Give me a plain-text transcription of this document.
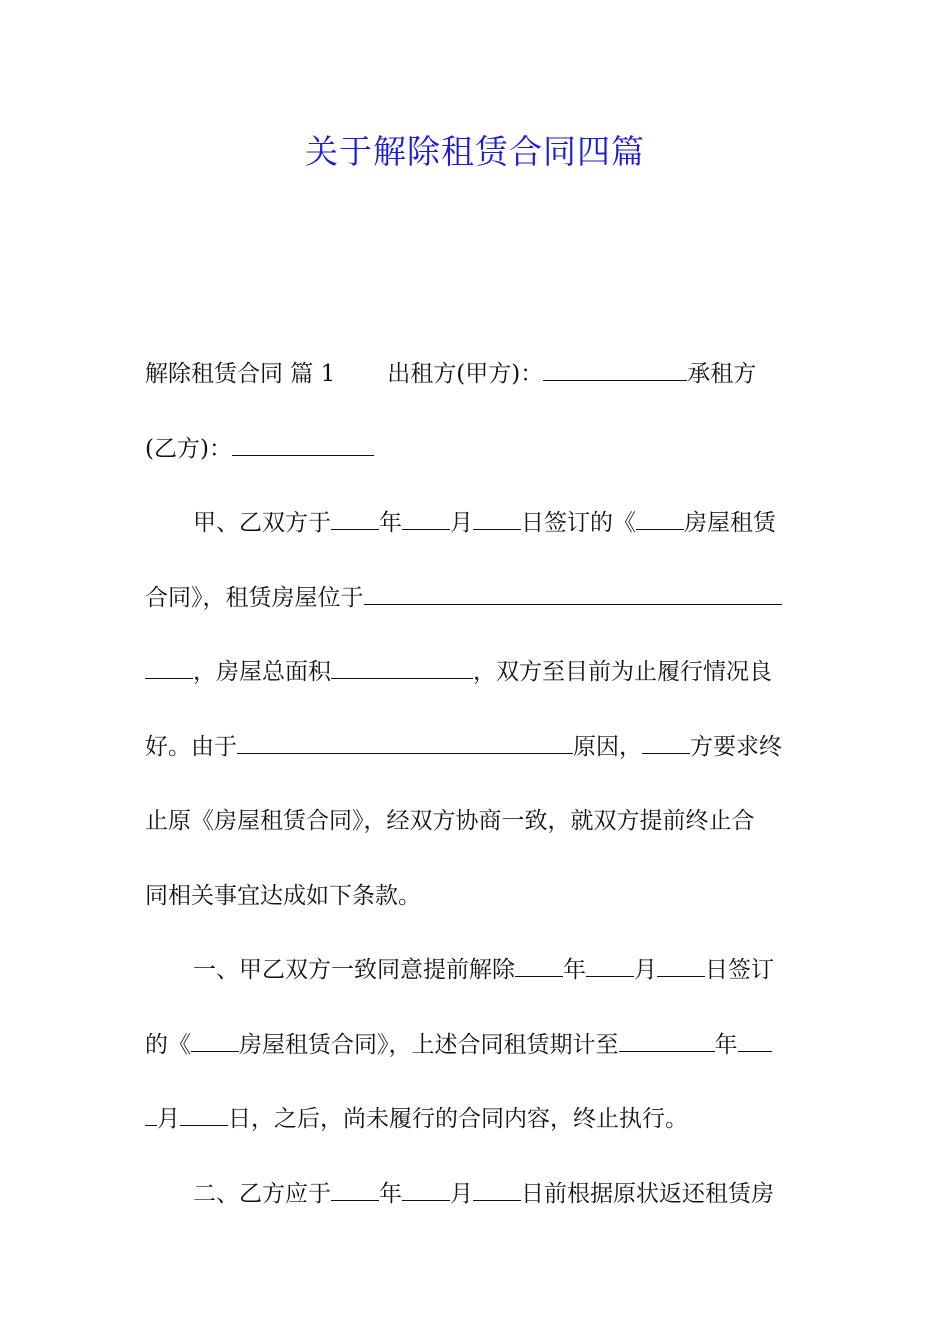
关于解除租赁合同四篇
解除租赁合同 篇 1 出租方(甲方)：	承租方
(乙方)：
甲、乙双方于 年 月 日签订的《 房屋租赁
合同》，租赁房屋位于
，房屋总面积	，双方至目前为止履行情况良
好。由于	原因， 方要求终
止原《房屋租赁合同》，经双方协商一致，就双方提前终止合
同相关事宜达成如下条款。
一、甲乙双方一致同意提前解除 年 月 日签订
的《 房屋租赁合同》，上述合同租赁期计至	年
月 日，之后，尚未履行的合同内容，终止执行。
二、乙方应于 年 月 日前根据原状返还租赁房
